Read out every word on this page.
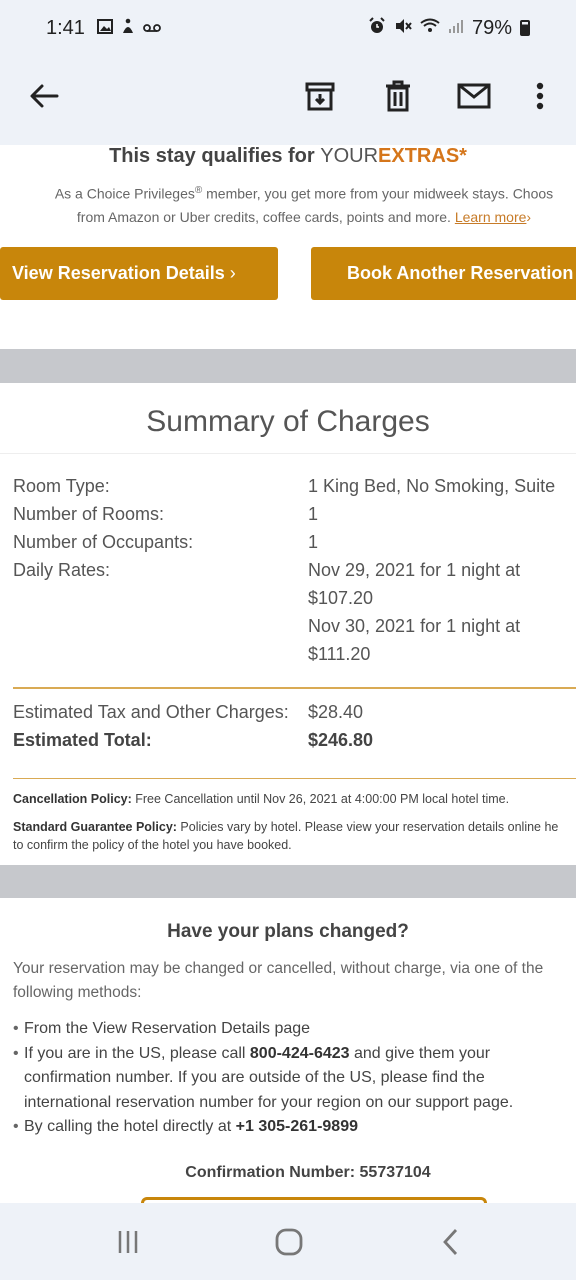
1:41	79%
This stay qualifies for YOUREXTRAS*
As a Choice Privileges® member, you get more from your midweek stays. Choos
from Amazon or Uber credits, coffee cards, points and more. Learn more›
View Reservation Details
›	Book Another Reservation
Summary of Charges
Room Type:	1 King Bed, No Smoking, Suite
Number of Rooms:	1
Number of Occupants:	1
Daily Rates:	Nov 29, 2021 for 1 night at
$107.20
Nov 30, 2021 for 1 night at
$111.20
Estimated Tax and Other Charges: $28.40
Estimated Total:	$246.80
Cancellation Policy: Free Cancellation until Nov 26, 2021 at 4:00:00 PM local hotel time.
Standard Guarantee Policy: Policies vary by hotel. Please view your reservation details online he
to confirm the policy of the hotel you have booked.
Have your plans changed?
Your reservation may be changed or cancelled, without charge, via one of the
following methods:
• From the View Reservation Details page
• If you are in the US, please call 800-424-6423 and give them your confirmation number. If you are outside of the US, please find the international reservation number for your region on our support page.
• By calling the hotel directly at +1 305-261-9899
Confirmation Number: 55737104
